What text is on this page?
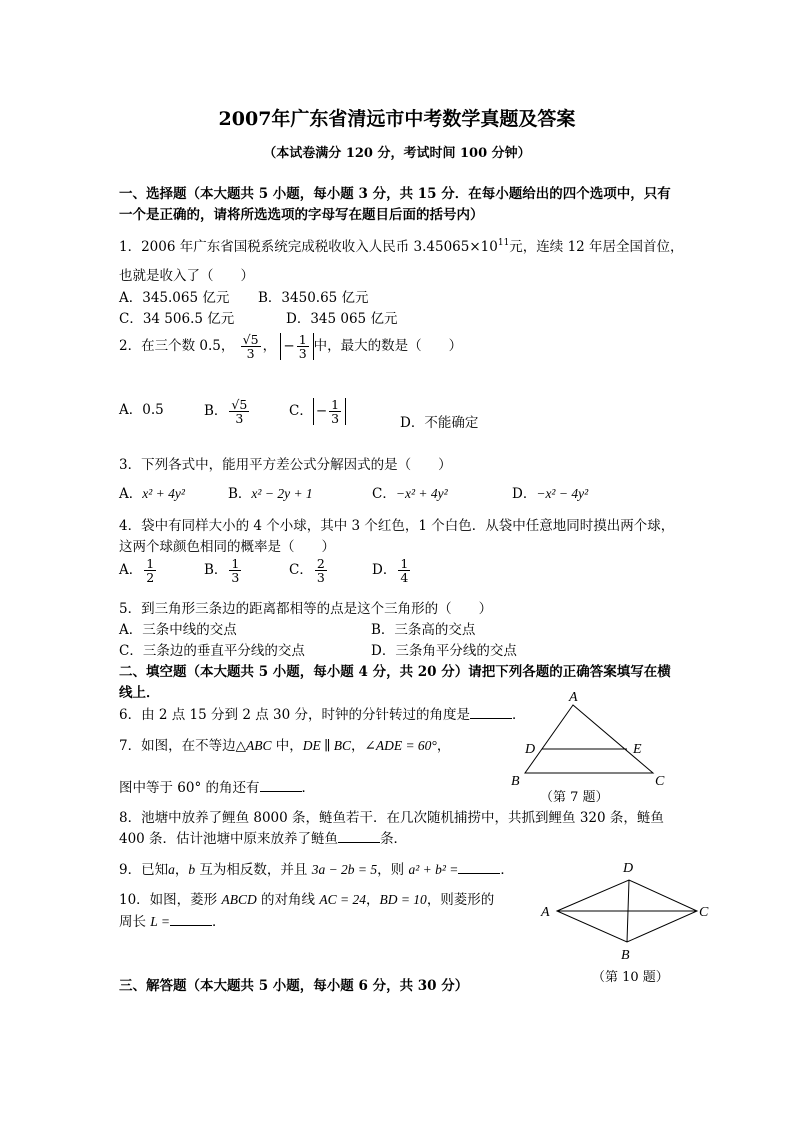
2007年广东省清远市中考数学真题及答案
（本试卷满分 120 分，考试时间 100 分钟）
一、选择题（本大题共 5 小题，每小题 3 分，共 15 分．在每小题给出的四个选项中，只有
一个是正确的，请将所选选项的字母写在题目后面的括号内）
1．2006 年广东省国税系统完成税收收入人民币 $3.45065\times 10^{11}$元，连续 12 年居全国首位，
也就是收入了（　　）
A．345.065 亿元 B．3450.65 亿元
C．34 506.5 亿元	D．345 065 亿元
2．在三个数 0.5， $\frac{√5}{3}$ ， − $\frac{1}{3}$ 中，最大的数是（　　）
A．0.5	B． $\frac{√5}{3}$	C． − $\frac{1}{3}$	D．不能确定
3．下列各式中，能用平方差公式分解因式的是（　　）
A．x² + 4y²	B．x² − 2y + 1	C．−x² + 4y²	D．−x² − 4y²
4．袋中有同样大小的 4 个小球，其中 3 个红色，1 个白色．从袋中任意地同时摸出两个球，
这两个球颜色相同的概率是（　　）
A． $\frac{1}{2}$	B． $\frac{1}{3}$	C． $\frac{2}{3}$	D． $\frac{1}{4}$
5．到三角形三条边的距离都相等的点是这个三角形的（　　）
A．三条中线的交点	B．三条高的交点
C．三条边的垂直平分线的交点	D．三条角平分线的交点
二、填空题（本大题共 5 小题，每小题 4 分，共 20 分）请把下列各题的正确答案填写在横
线上．
6．由 2 点 15 分到 2 点 30 分，时钟的分针转过的角度是	．
7．如图，在不等边△ABC 中，DE ∥ BC，∠ADE = 60°，
图中等于 60° 的角还有	．
A
B	C
D	E
（第 7 题）
8．池塘中放养了鲤鱼 8000 条，鲢鱼若干．在几次随机捕捞中，共抓到鲤鱼 320 条，鲢鱼
400 条．估计池塘中原来放养了鲢鱼	条．
9．已知a，b 互为相反数，并且 3a − 2b = 5，则 a² + b² =	．
10．如图，菱形 ABCD 的对角线 AC = 24，BD = 10，则菱形的
周长 L =	．
D
A	C
B
（第 10 题）
三、解答题（本大题共 5 小题，每小题 6 分，共 30 分）
